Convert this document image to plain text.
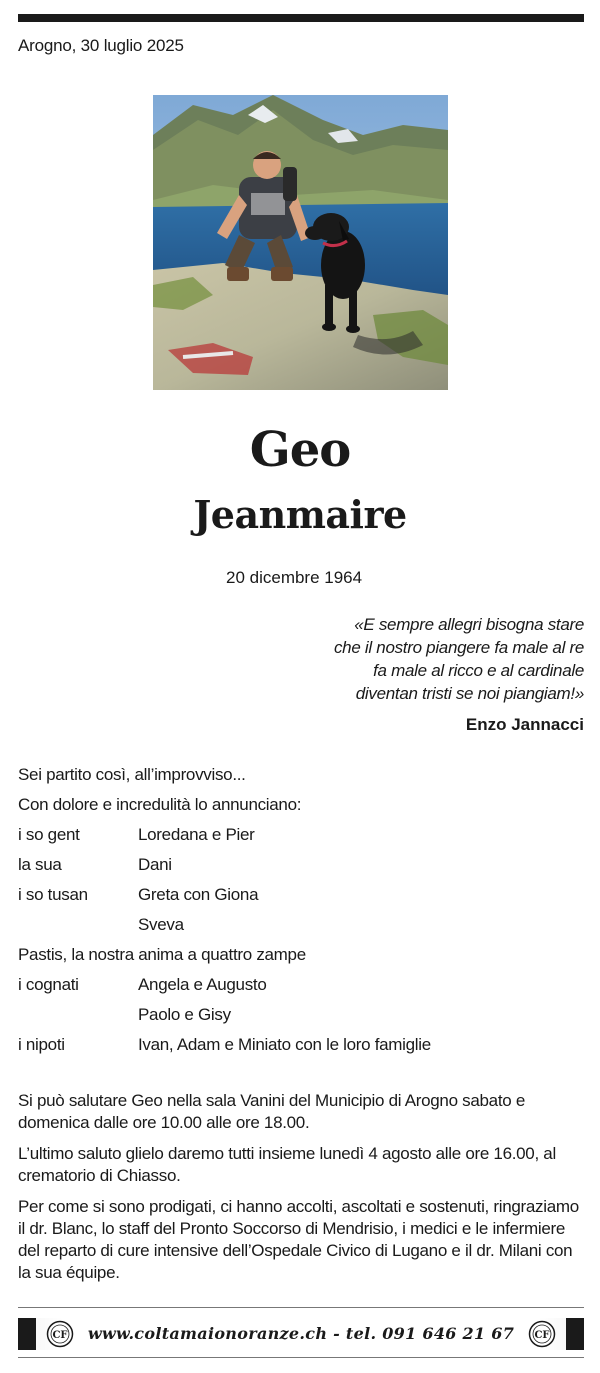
Arogno, 30 luglio 2025
Geo
Jeanmaire
20 dicembre 1964
«E sempre allegri bisogna stare
che il nostro piangere fa male al re
fa male al ricco e al cardinale
diventan tristi se noi piangiam!»
Enzo Jannacci
Sei partito così, all’improvviso...
Con dolore e incredulità lo annunciano:
i so gent	Loredana e Pier
la sua	Dani
i so tusan	Greta con Giona
Sveva
Pastis, la nostra anima a quattro zampe
i cognati	Angela e Augusto
Paolo e Gisy
i nipoti	Ivan, Adam e Miniato con le loro famiglie

Si può salutare Geo nella sala Vanini del Municipio di Arogno sabato e domenica dalle ore 10.00 alle ore 18.00.

L’ultimo saluto glielo daremo tutti insieme lunedì 4 agosto alle ore 16.00, al crematorio di Chiasso.

Per come si sono prodigati, ci hanno accolti, ascoltati e sostenuti, ringraziamo il dr. Blanc, lo staff del Pronto Soccorso di Mendrisio, i medici e le infermiere del reparto di cure intensive dell’Ospedale Civico di Lugano e il dr. Milani con la sua équipe.

CF	CF
www.coltamaionoranze.ch - tel. 091 646 21 67
